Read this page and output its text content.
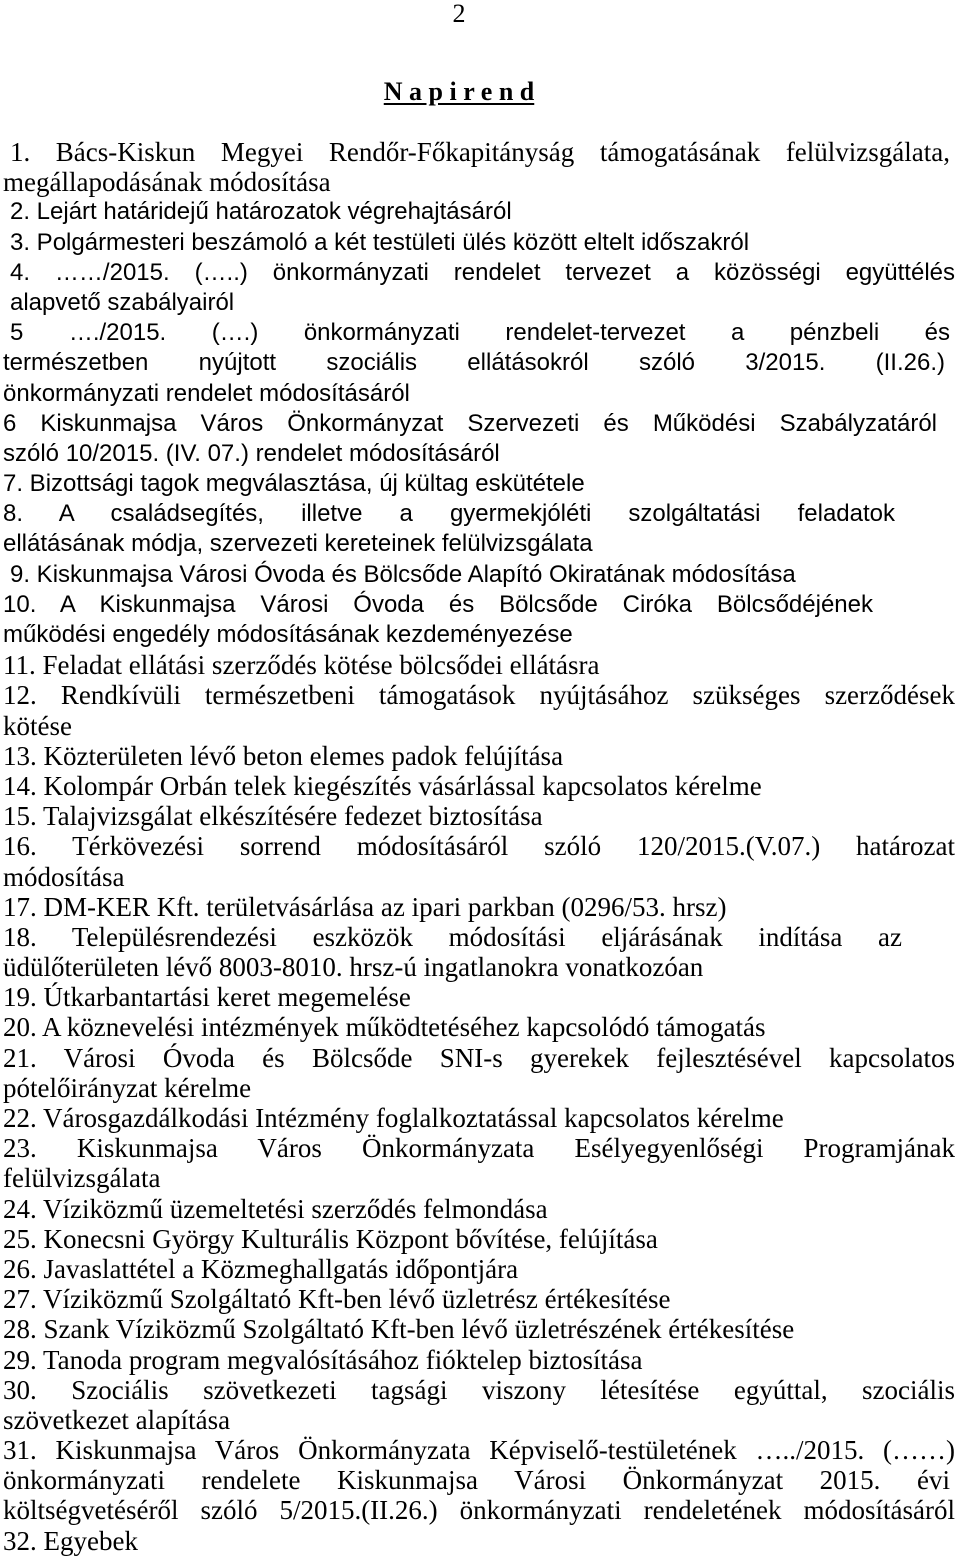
2
N a p i r e n d
1. Bács-Kiskun Megyei Rendőr-Főkapitányság támogatásának felülvizsgálata,
megállapodásának módosítása
2. Lejárt határidejű határozatok végrehajtásáról
3. Polgármesteri beszámoló a két testületi ülés között eltelt időszakról
4. ……/2015. (…..) önkormányzati rendelet tervezet a közösségi együttélés
alapvető szabályairól
5 …./2015. (….) önkormányzati rendelet-tervezet a pénzbeli és
természetben nyújtott szociális ellátásokról szóló 3/2015. (II.26.)
önkormányzati rendelet módosításáról
6 Kiskunmajsa Város Önkormányzat Szervezeti és Működési Szabályzatáról
szóló 10/2015. (IV. 07.) rendelet módosításáról
7. Bizottsági tagok megválasztása, új kültag eskütétele
8. A családsegítés, illetve a gyermekjóléti szolgáltatási feladatok
ellátásának módja, szervezeti kereteinek felülvizsgálata
9. Kiskunmajsa Városi Óvoda és Bölcsőde Alapító Okiratának módosítása
10. A Kiskunmajsa Városi Óvoda és Bölcsőde Ciróka Bölcsődéjének
működési engedély módosításának kezdeményezése
11. Feladat ellátási szerződés kötése bölcsődei ellátásra
12. Rendkívüli természetbeni támogatások nyújtásához szükséges szerződések
kötése
13. Közterületen lévő beton elemes padok felújítása
14. Kolompár Orbán telek kiegészítés vásárlással kapcsolatos kérelme
15. Talajvizsgálat elkészítésére fedezet biztosítása
16. Térkövezési sorrend módosításáról szóló 120/2015.(V.07.) határozat
módosítása
17. DM-KER Kft. területvásárlása az ipari parkban (0296/53. hrsz)
18. Településrendezési eszközök módosítási eljárásának indítása az
üdülőterületen lévő 8003-8010. hrsz-ú ingatlanokra vonatkozóan
19. Útkarbantartási keret megemelése
20. A köznevelési intézmények működtetéséhez kapcsolódó támogatás
21. Városi Óvoda és Bölcsőde SNI-s gyerekek fejlesztésével kapcsolatos
pótelőirányzat kérelme
22. Városgazdálkodási Intézmény foglalkoztatással kapcsolatos kérelme
23. Kiskunmajsa Város Önkormányzata Esélyegyenlőségi Programjának
felülvizsgálata
24. Víziközmű üzemeltetési szerződés felmondása
25. Konecsni György Kulturális Központ bővítése, felújítása
26. Javaslattétel a Közmeghallgatás időpontjára
27. Víziközmű Szolgáltató Kft-ben lévő üzletrész értékesítése
28. Szank Víziközmű Szolgáltató Kft-ben lévő üzletrészének értékesítése
29. Tanoda program megvalósításához fióktelep biztosítása
30. Szociális szövetkezeti tagsági viszony létesítése egyúttal, szociális
szövetkezet alapítása
31. Kiskunmajsa Város Önkormányzata Képviselő-testületének …../2015. (……)
önkormányzati rendelete Kiskunmajsa Városi Önkormányzat 2015. évi
költségvetéséről szóló 5/2015.(II.26.) önkormányzati rendeletének módosításáról
32. Egyebek
